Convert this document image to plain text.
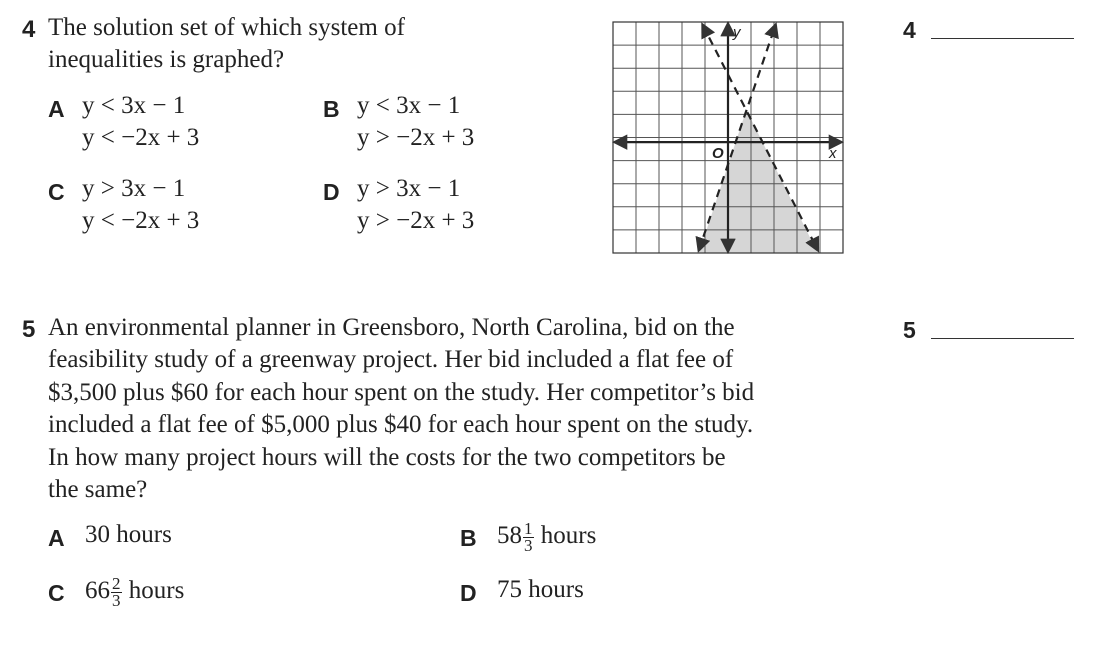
4 The solution set of which system of
inequalities is graphed?
A y < 3x − 1
y < −2x + 3
B y < 3x − 1
y > −2x + 3
C y > 3x − 1
y < −2x + 3
D y > 3x − 1
y > −2x + 3
x
y
O
4
5 An environmental planner in Greensboro, North Carolina, bid on the
feasibility study of a greenway project. Her bid included a flat fee of
$3,500 plus $60 for each hour spent on the study. Her competitor’s bid
included a flat fee of $5,000 plus $40 for each hour spent on the study.
In how many project hours will the costs for the two competitors be
the same?
A 30 hours	B $58 \frac{1}{3}$ hours
C $66 \frac{2}{3}$ hours	D 75 hours
5
